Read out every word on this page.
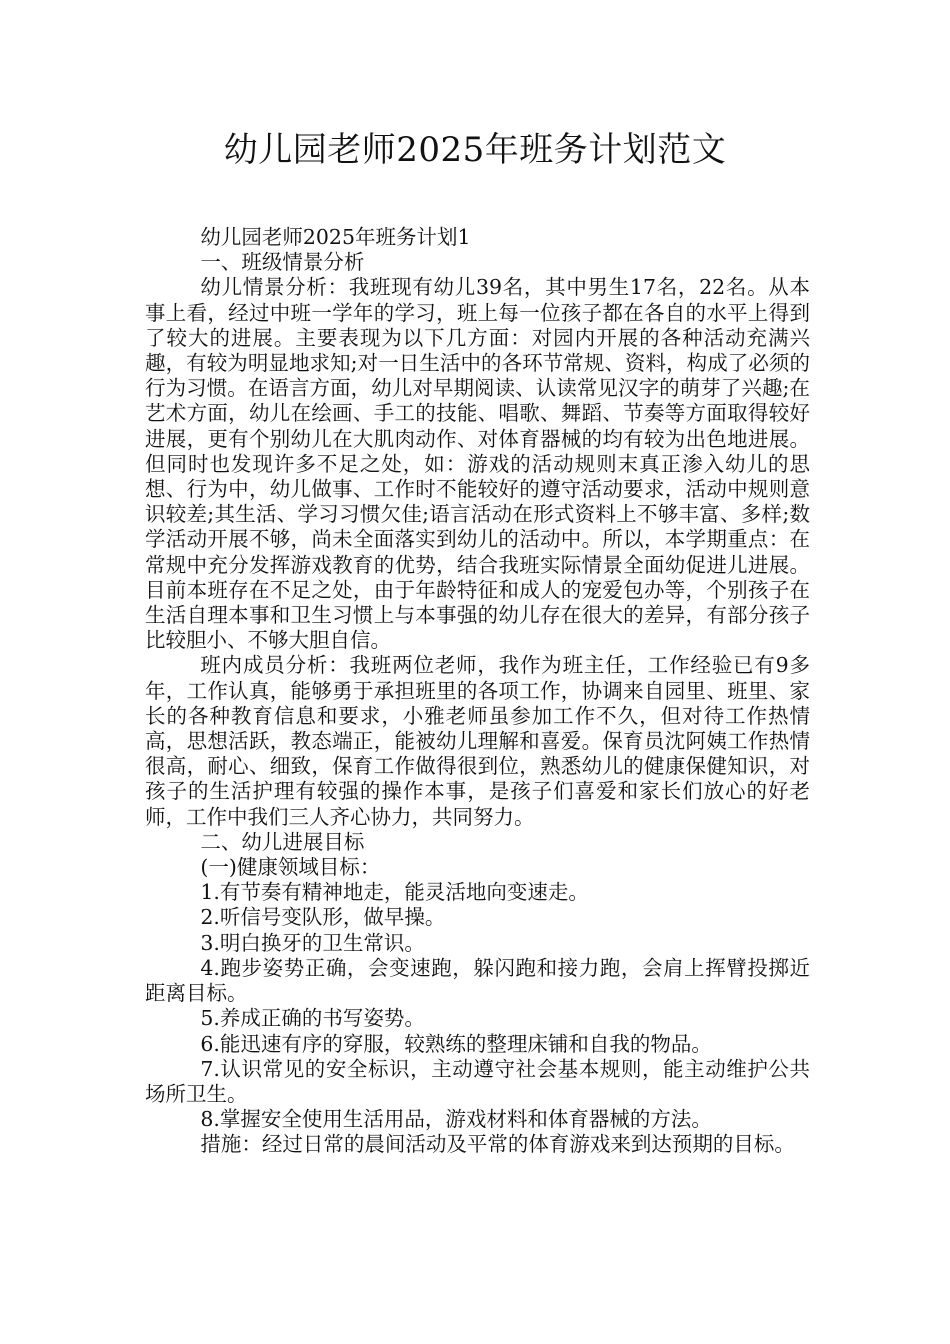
幼儿园老师2025年班务计划范文

幼儿园老师2025年班务计划1

一、班级情景分析

幼儿情景分析：我班现有幼儿39名，其中男生17名，22名。从本事上看，经过中班一学年的学习，班上每一位孩子都在各自的水平上得到了较大的进展。主要表现为以下几方面：对园内开展的各种活动充满兴趣，有较为明显地求知;对一日生活中的各环节常规、资料，构成了必须的行为习惯。在语言方面，幼儿对早期阅读、认读常见汉字的萌芽了兴趣;在艺术方面，幼儿在绘画、手工的技能、唱歌、舞蹈、节奏等方面取得较好进展，更有个别幼儿在大肌肉动作、对体育器械的均有较为出色地进展。但同时也发现许多不足之处，如：游戏的活动规则末真正渗入幼儿的思想、行为中，幼儿做事、工作时不能较好的遵守活动要求，活动中规则意识较差;其生活、学习习惯欠佳;语言活动在形式资料上不够丰富、多样;数学活动开展不够，尚未全面落实到幼儿的活动中。所以，本学期重点：在常规中充分发挥游戏教育的优势，结合我班实际情景全面幼促进儿进展。目前本班存在不足之处，由于年龄特征和成人的宠爱包办等，个别孩子在生活自理本事和卫生习惯上与本事强的幼儿存在很大的差异，有部分孩子比较胆小、不够大胆自信。

班内成员分析：我班两位老师，我作为班主任，工作经验已有9多年，工作认真，能够勇于承担班里的各项工作，协调来自园里、班里、家长的各种教育信息和要求，小雅老师虽参加工作不久，但对待工作热情高，思想活跃，教态端正，能被幼儿理解和喜爱。保育员沈阿姨工作热情很高，耐心、细致，保育工作做得很到位，熟悉幼儿的健康保健知识，对孩子的生活护理有较强的操作本事，是孩子们喜爱和家长们放心的好老师，工作中我们三人齐心协力，共同努力。

二、幼儿进展目标

(一)健康领域目标：

1.有节奏有精神地走，能灵活地向变速走。

2.听信号变队形，做早操。

3.明白换牙的卫生常识。

4.跑步姿势正确，会变速跑，躲闪跑和接力跑，会肩上挥臂投掷近距离目标。

5.养成正确的书写姿势。

6.能迅速有序的穿服，较熟练的整理床铺和自我的物品。

7.认识常见的安全标识，主动遵守社会基本规则，能主动维护公共场所卫生。

8.掌握安全使用生活用品，游戏材料和体育器械的方法。

措施：经过日常的晨间活动及平常的体育游戏来到达预期的目标。
